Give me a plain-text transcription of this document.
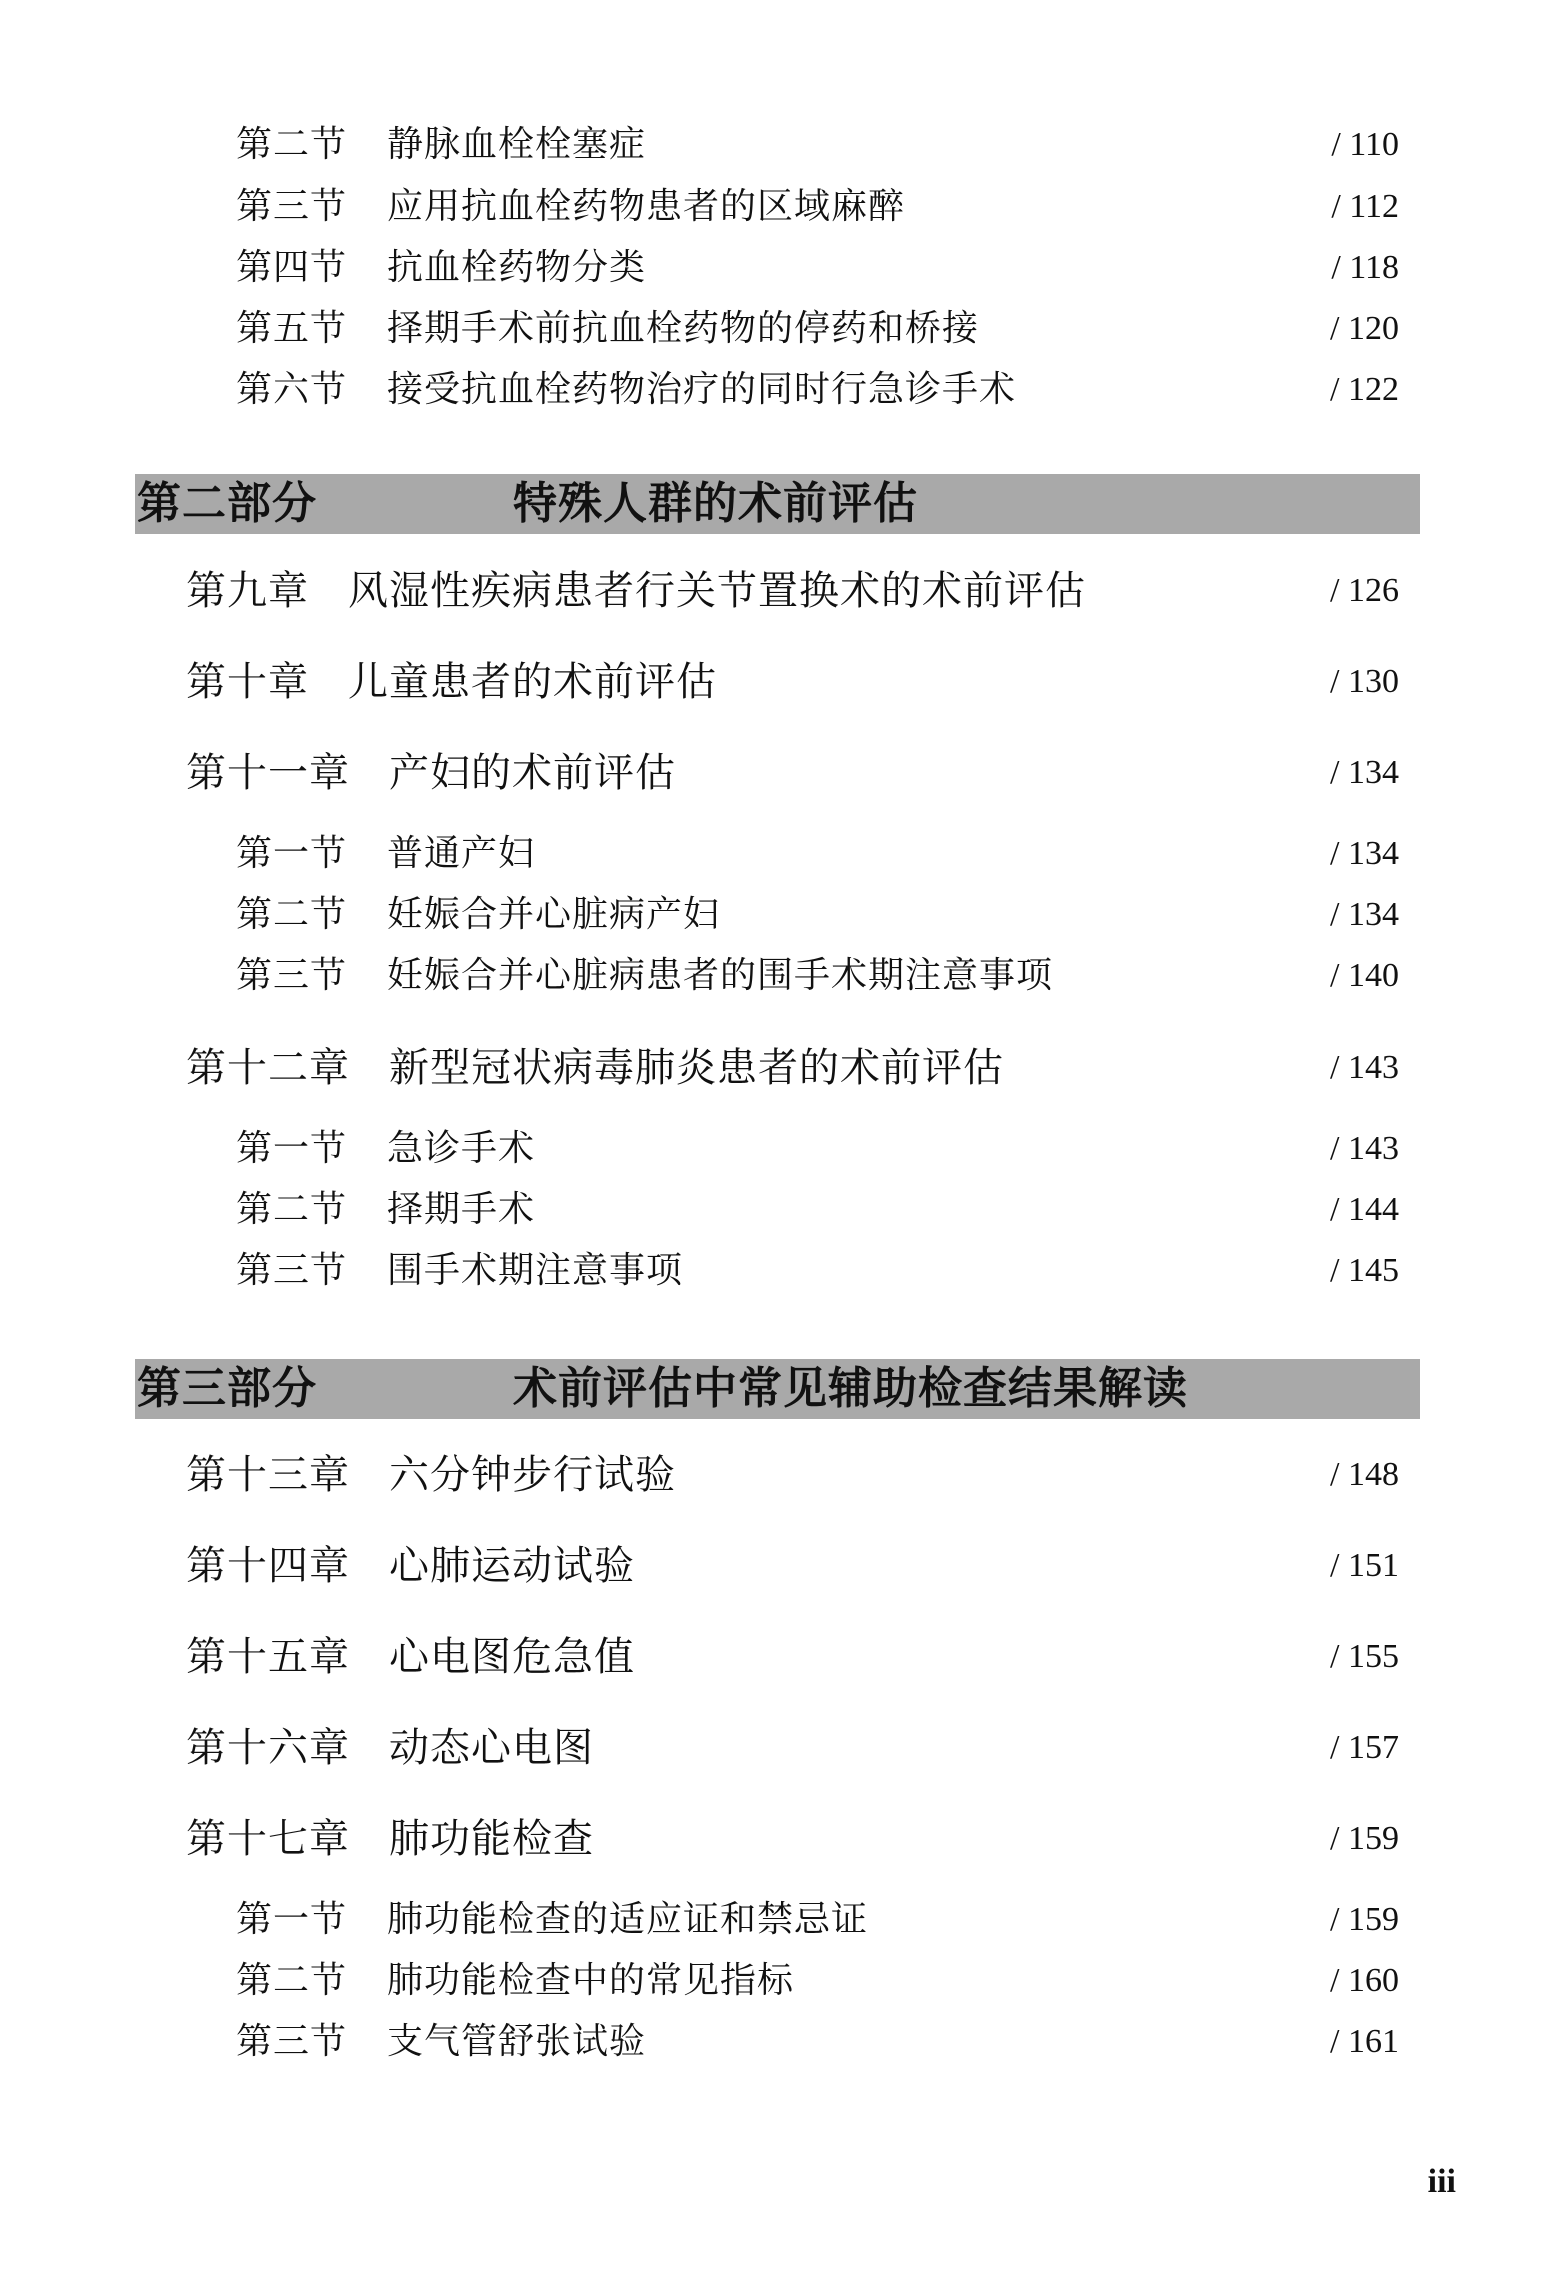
第二节 静脉血栓栓塞症	/ 110
第三节 应用抗血栓药物患者的区域麻醉	/ 112
第四节 抗血栓药物分类	/ 118
第五节 择期手术前抗血栓药物的停药和桥接	/ 120
第六节 接受抗血栓药物治疗的同时行急诊手术	/ 122
第二部分	特殊人群的术前评估
第九章 风湿性疾病患者行关节置换术的术前评估	/ 126
第十章 儿童患者的术前评估	/ 130
第十一章 产妇的术前评估	/ 134
第一节 普通产妇	/ 134
第二节 妊娠合并心脏病产妇	/ 134
第三节 妊娠合并心脏病患者的围手术期注意事项	/ 140
第十二章 新型冠状病毒肺炎患者的术前评估	/ 143
第一节 急诊手术	/ 143
第二节 择期手术	/ 144
第三节 围手术期注意事项	/ 145
第三部分	术前评估中常见辅助检查结果解读
第十三章 六分钟步行试验	/ 148
第十四章 心肺运动试验	/ 151
第十五章 心电图危急值	/ 155
第十六章 动态心电图	/ 157
第十七章 肺功能检查	/ 159
第一节 肺功能检查的适应证和禁忌证	/ 159
第二节 肺功能检查中的常见指标	/ 160
第三节 支气管舒张试验	/ 161
iii
